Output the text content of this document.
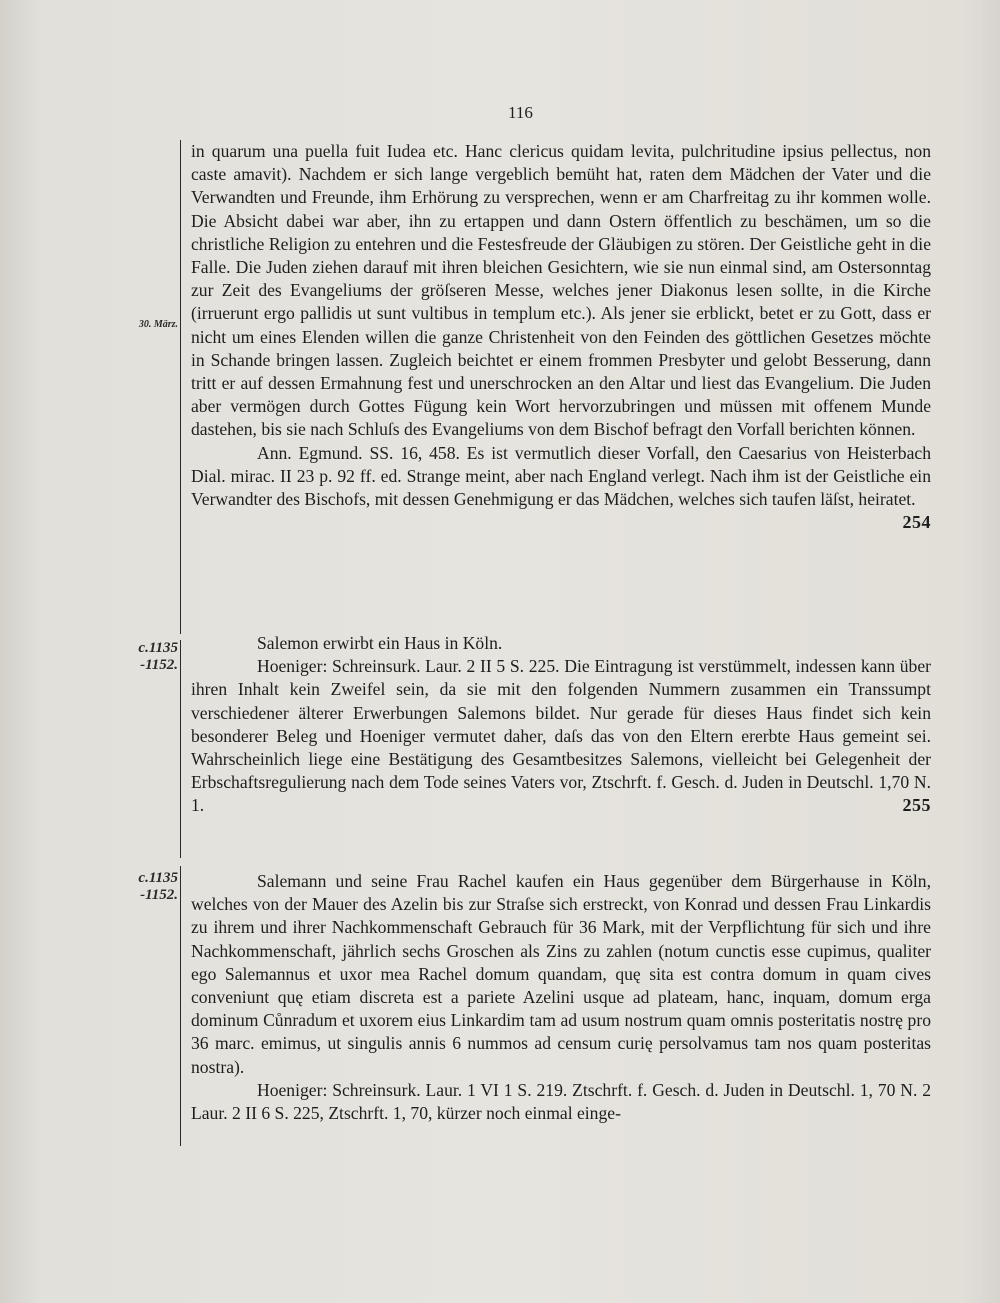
116
30. März.
c.1135
-1152.
c.1135
-1152.

in quarum una puella fuit Iudea etc. Hanc clericus quidam levita, pulchritudine ipsius pellectus, non caste amavit). Nachdem er sich lange vergeblich bemüht hat, raten dem Mädchen der Vater und die Verwandten und Freunde, ihm Erhörung zu versprechen, wenn er am Charfreitag zu ihr kommen wolle. Die Absicht dabei war aber, ihn zu ertappen und dann Ostern öffentlich zu beschämen, um so die christliche Religion zu entehren und die Festesfreude der Gläubigen zu stören. Der Geistliche geht in die Falle. Die Juden ziehen darauf mit ihren bleichen Gesichtern, wie sie nun einmal sind, am Ostersonntag zur Zeit des Evangeliums der gröſseren Messe, welches jener Diakonus lesen sollte, in die Kirche (irruerunt ergo pallidis ut sunt vultibus in templum etc.). Als jener sie erblickt, betet er zu Gott, dass er nicht um eines Elenden willen die ganze Christenheit von den Feinden des göttlichen Gesetzes möchte in Schande bringen lassen. Zugleich beichtet er einem frommen Presbyter und gelobt Besserung, dann tritt er auf dessen Ermahnung fest und unerschrocken an den Altar und liest das Evangelium. Die Juden aber vermögen durch Gottes Fügung kein Wort hervorzubringen und müssen mit offenem Munde dastehen, bis sie nach Schluſs des Evangeliums von dem Bischof befragt den Vorfall berichten können.

Ann. Egmund. SS. 16, 458. Es ist vermutlich dieser Vorfall, den Caesarius von Heisterbach Dial. mirac. II 23 p. 92 ff. ed. Strange meint, aber nach England verlegt. Nach ihm ist der Geistliche ein Verwandter des Bischofs, mit dessen Genehmigung er das Mädchen, welches sich taufen läſst, heiratet.
254

Salemon erwirbt ein Haus in Köln.

Hoeniger: Schreinsurk. Laur. 2 II 5 S. 225. Die Eintragung ist verstümmelt, indessen kann über ihren Inhalt kein Zweifel sein, da sie mit den folgenden Nummern zusammen ein Transsumpt verschiedener älterer Erwerbungen Salemons bildet. Nur gerade für dieses Haus findet sich kein besonderer Beleg und Hoeniger vermutet daher, daſs das von den Eltern ererbte Haus gemeint sei. Wahrscheinlich liege eine Bestätigung des Gesamtbesitzes Salemons, vielleicht bei Gelegenheit der Erbschaftsregulierung nach dem Tode seines Vaters vor, Ztschrft. f. Gesch. d. Juden in Deutschl. 1,70 N. 1.	255

Salemann und seine Frau Rachel kaufen ein Haus gegenüber dem Bürgerhause in Köln, welches von der Mauer des Azelin bis zur Straſse sich erstreckt, von Konrad und dessen Frau Linkardis zu ihrem und ihrer Nachkommenschaft Gebrauch für 36 Mark, mit der Verpflichtung für sich und ihre Nachkommenschaft, jährlich sechs Groschen als Zins zu zahlen (notum cunctis esse cupimus, qualiter ego Salemannus et uxor mea Rachel domum quandam, quę sita est contra domum in quam cives conveniunt quę etiam discreta est a pariete Azelini usque ad plateam, hanc, inquam, domum erga dominum Cůnradum et uxorem eius Linkardim tam ad usum nostrum quam omnis posteritatis nostrę pro 36 marc. emimus, ut singulis annis 6 nummos ad censum curię persolvamus tam nos quam posteritas nostra).

Hoeniger: Schreinsurk. Laur. 1 VI 1 S. 219. Ztschrft. f. Gesch. d. Juden in Deutschl. 1, 70 N. 2 Laur. 2 II 6 S. 225, Ztschrft. 1, 70, kürzer noch einmal einge-
